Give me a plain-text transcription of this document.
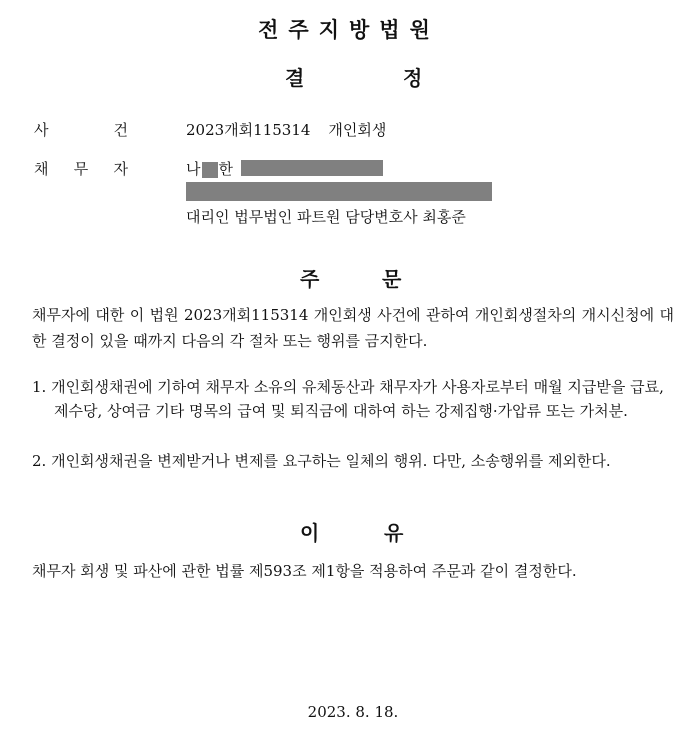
전주지방법원
결	정
사	건	2023개회115314 개인회생
채 무 자	나 한
대리인 법무법인 파트원 담당변호사 최홍준
주	문
채무자에 대한 이 법원 2023개회115314 개인회생 사건에 관하여 개인회생절차의 개시신청에 대한 결정이 있을 때까지 다음의 각 절차 또는 행위를 금지한다.
1. 개인회생채권에 기하여 채무자 소유의 유체동산과 채무자가 사용자로부터 매월 지급받을 급료, 제수당, 상여금 기타 명목의 급여 및 퇴직금에 대하여 하는 강제집행·가압류 또는 가처분.
2. 개인회생채권을 변제받거나 변제를 요구하는 일체의 행위. 다만, 소송행위를 제외한다.
이	유
채무자 회생 및 파산에 관한 법률 제593조 제1항을 적용하여 주문과 같이 결정한다.
2023. 8. 18.
